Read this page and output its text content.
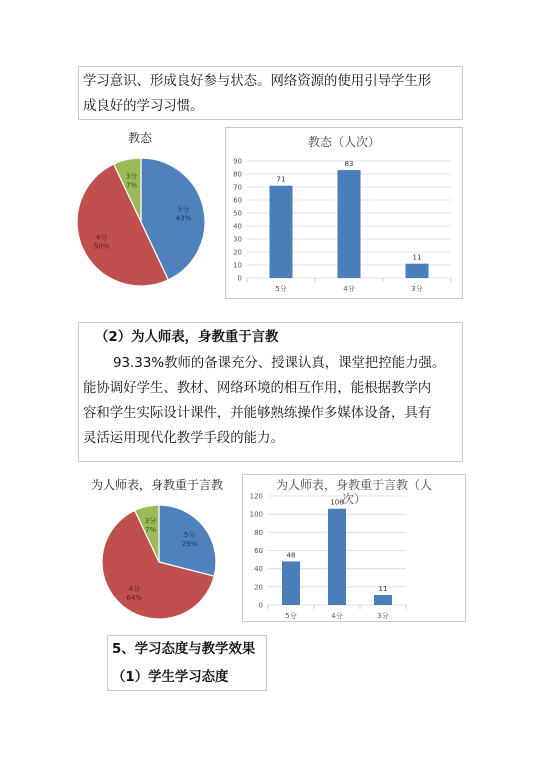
学习意识、形成良好参与状态。网络资源的使用引导学生形

成良好的学习习惯。

教态
5分
43%
4分
50%
3分
7%
教态（人次）
0
10
20
30
40
50
60
70
80
90
71
5分
83
4分
11
3分
（2）为人师表，身教重于言教

93.33%教师的备课充分、授课认真，课堂把控能力强。

能协调好学生、教材、网络环境的相互作用，能根据教学内

容和学生实际设计课件，并能够熟练操作多媒体设备，具有

灵活运用现代化教学手段的能力。

为人师表，身教重于言教
5分
29%
4分
64%
3分
7%
为人师表，身教重于言教（人
次）
0
20
40
60
80
100
120
48
5分
106
4分
11
3分
5、学习态度与教学效果
（1）学生学习态度
